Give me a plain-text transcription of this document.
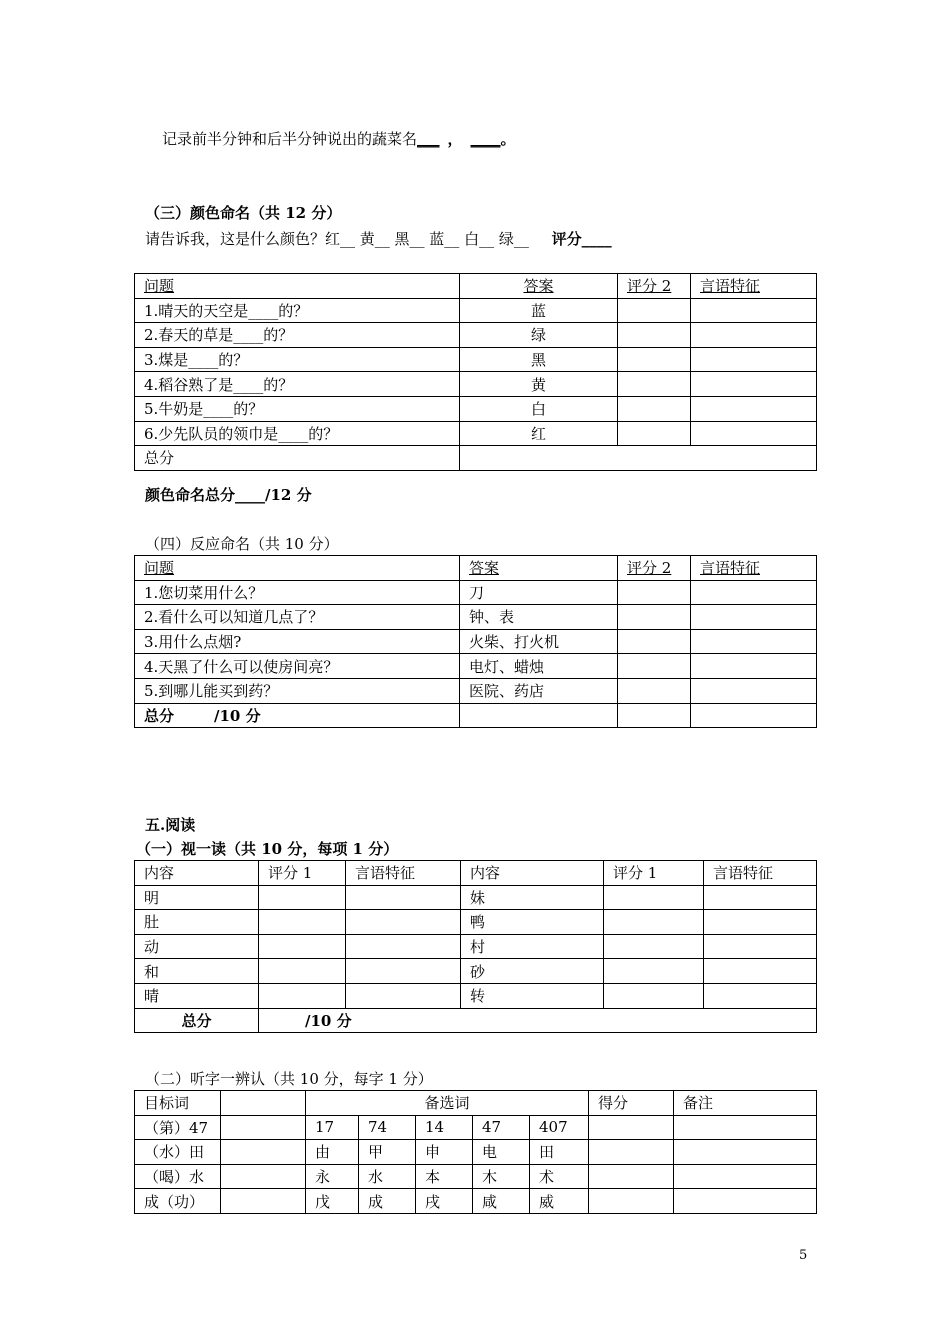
记录前半分钟和后半分钟说出的蔬菜名___ ， ____。
（三）颜色命名（共 12 分）
请告诉我，这是什么颜色？红__ 黄__ 黑__ 蓝__ 白__ 绿__ 评分____
问题	答案	评分 2	言语特征
1.晴天的天空是____的？	蓝		
2.春天的草是____的？	绿		
3.煤是____的？	黑		
4.稻谷熟了是____的？	黄		
5.牛奶是____的？	白		
6.少先队员的领巾是____的？	红		
总分			
颜色命名总分____/12 分
（四）反应命名（共 10 分）
问题	答案	评分 2	言语特征
1.您切菜用什么？	刀		
2.看什么可以知道几点了？	钟、表		
3.用什么点烟?	火柴、打火机		
4.天黑了什么可以使房间亮？	电灯、蜡烛		
5.到哪儿能买到药？	医院、药店		
总分 /10 分			
五.阅读
（一）视一读（共 10 分，每项 1 分）
内容	评分 1	言语特征	内容	评分 1	言语特征
明			妹		
肚			鸭		
动			村		
和			砂		
晴			转		
总分	/10 分				
（二）听字一辨认（共 10 分，每字 1 分）
目标词		备选词					得分	备注
（第）47		17	74	14	47	407		
（水）田		由	甲	申	电	田		
（喝）水		永	水	本	木	术		
成（功）		戊	成	戌	咸	威		
5
